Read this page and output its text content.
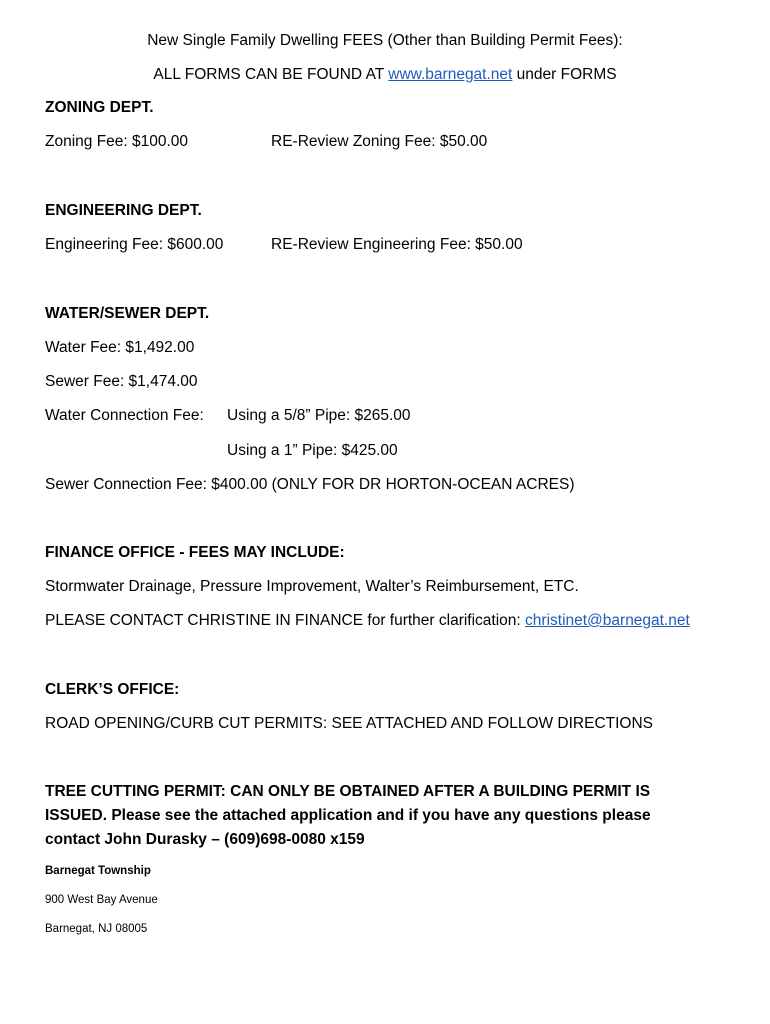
New Single Family Dwelling FEES (Other than Building Permit Fees):
ALL FORMS CAN BE FOUND AT www.barnegat.net under FORMS
ZONING DEPT.
Zoning Fee: $100.00	RE-Review Zoning Fee: $50.00
ENGINEERING DEPT.
Engineering Fee: $600.00	RE-Review Engineering Fee: $50.00
WATER/SEWER DEPT.
Water Fee: $1,492.00
Sewer Fee: $1,474.00
Water Connection Fee: Using a 5/8” Pipe: $265.00
Using a 1” Pipe: $425.00
Sewer Connection Fee: $400.00 (ONLY FOR DR HORTON-OCEAN ACRES)
FINANCE OFFICE - FEES MAY INCLUDE:
Stormwater Drainage, Pressure Improvement, Walter’s Reimbursement, ETC.
PLEASE CONTACT CHRISTINE IN FINANCE for further clarification: christinet@barnegat.net
CLERK’S OFFICE:
ROAD OPENING/CURB CUT PERMITS: SEE ATTACHED AND FOLLOW DIRECTIONS
TREE CUTTING PERMIT: CAN ONLY BE OBTAINED AFTER A BUILDING PERMIT IS ISSUED. Please see the attached application and if you have any questions please contact John Durasky – (609)698-0080 x159
Barnegat Township
900 West Bay Avenue
Barnegat, NJ 08005
